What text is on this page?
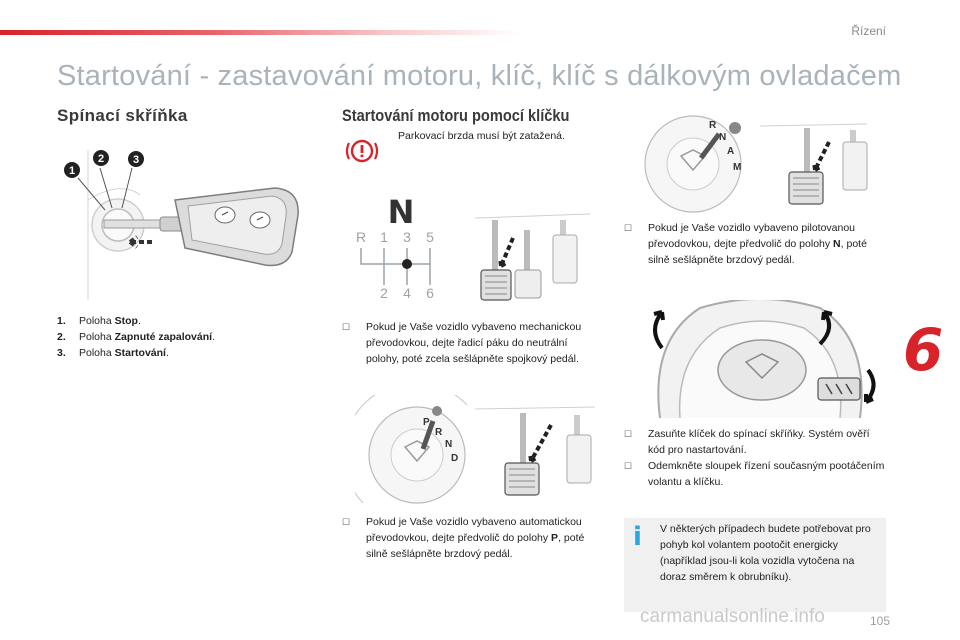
Řízení
Startování - zastavování motoru, klíč, klíč s dálkovým ovladačem
Spínací skříňka	Startování motoru pomocí klíčku
1
2	3
1. Poloha Stop.
2. Poloha Zapnuté zapalování.
3. Poloha Startování.
Parkovací brzda musí být zatažená.
N
R 1 3 5
2 4 6
☐ Pokud je Vaše vozidlo vybaveno mechanickou převodovkou, dejte řadicí páku do neutrální polohy, poté zcela sešlápněte spojkový pedál.
P
R
N
D
☐ Pokud je Vaše vozidlo vybaveno automatickou převodovkou, dejte předvolič do polohy P, poté silně sešlápněte brzdový pedál.
R
N
A
M
☐ Pokud je Vaše vozidlo vybaveno pilotovanou převodovkou, dejte předvolič do polohy N, poté silně sešlápněte brzdový pedál.
☐ Zasuňte klíček do spínací skříňky. Systém ověří kód pro nastartování.
☐ Odemkněte sloupek řízení současným pootáčením volantu a klíčku.
i V některých případech budete potřebovat pro pohyb kol volantem pootočit energicky (například jsou-li kola vozidla vytočena na doraz směrem k obrubníku).
6
105
carmanualsonline.info
